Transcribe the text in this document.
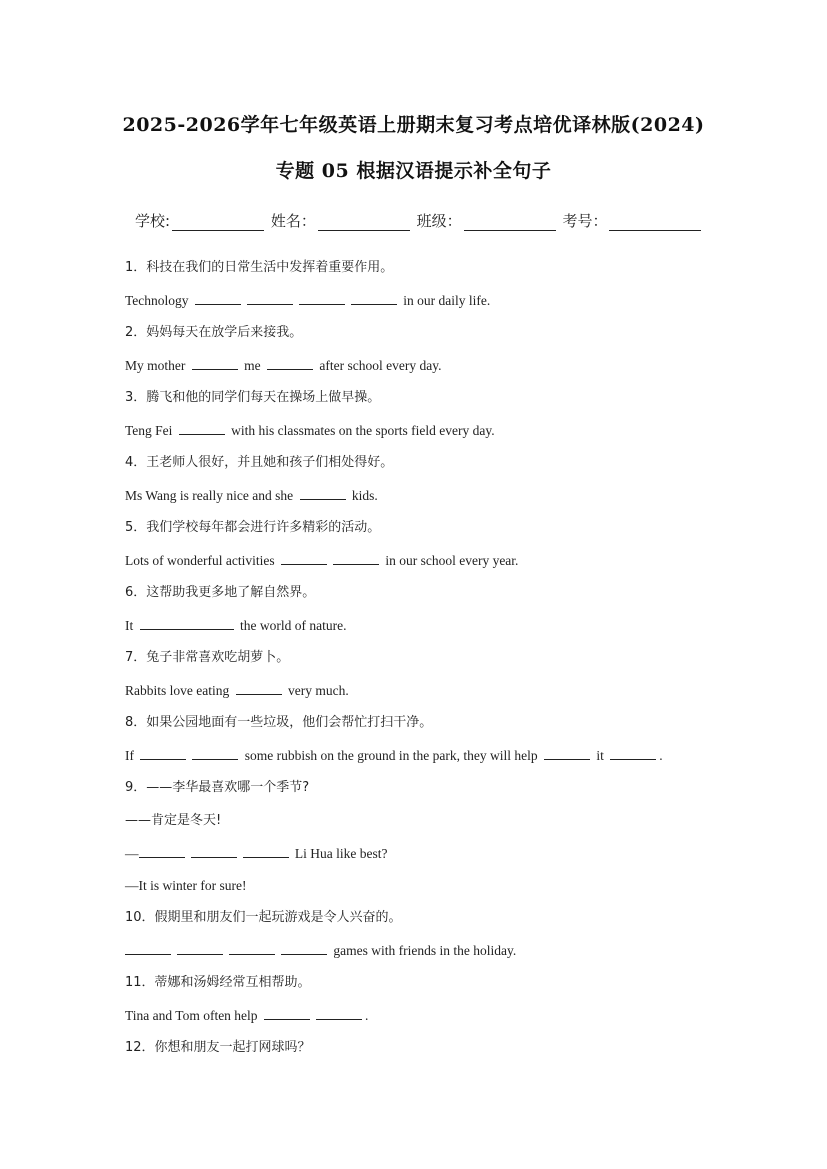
2025-2026学年七年级英语上册期末复习考点培优译林版(2024)
专题 05 根据汉语提示补全句子
学校:	姓名：	班级：	考号：
1．科技在我们的日常生活中发挥着重要作用。
Technology	in our daily life.
2．妈妈每天在放学后来接我。
My mother	me	after school every day.
3．腾飞和他的同学们每天在操场上做早操。
Teng Fei	with his classmates on the sports field every day.
4．王老师人很好，并且她和孩子们相处得好。
Ms Wang is really nice and she	kids.
5．我们学校每年都会进行许多精彩的活动。
Lots of wonderful activities	in our school every year.
6．这帮助我更多地了解自然界。
It	the world of nature.
7．兔子非常喜欢吃胡萝卜。
Rabbits love eating	very much.
8．如果公园地面有一些垃圾，他们会帮忙打扫干净。
If	some rubbish on the ground in the park, they will help	it	.
9．——李华最喜欢哪一个季节?
——肯定是冬天!
—	Li Hua like best?
—It is winter for sure!
10．假期里和朋友们一起玩游戏是令人兴奋的。
games with friends in the holiday.
11．蒂娜和汤姆经常互相帮助。
Tina and Tom often help	.
12．你想和朋友一起打网球吗？
